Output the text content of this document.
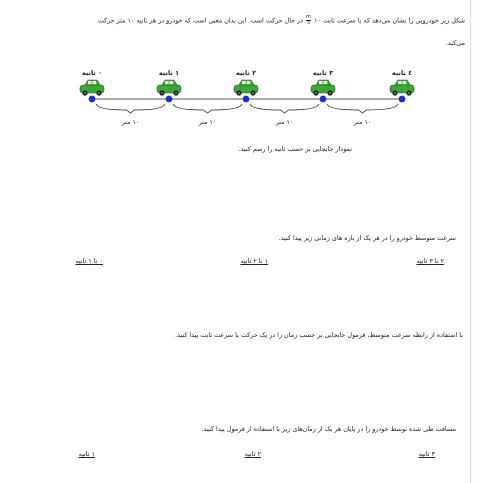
شکل زیر خودرویی را نشان می‌دهد که با سرعت ثابت ۱۰
$\frac{m}{s}$
در حال حرکت است. این بدان معنی است که خودرو در هر ثانیه ۱۰ متر حرکت
می‌کند.
۰ ثانیه	۱ ثانیه	۲ ثانیه	۳ ثانیه	٤ ثانیه
۱۰ متر	۱۰ متر	۱۰ متر	۱۰ متر
نمودار جابجایی بر حسب ثانیه را رسم کنید.
سرعت متوسط خودرو را در هر یک از بازه های زمانی زیر پیدا کنید.
۲ تا ۳ ثانیه
۱ تا ۲ ثانیه
۰ تا ۱ ثانیه
با استفاده از رابطه سرعت متوسط، فرمول جابجایی بر حسب زمان را در یک حرکت با سرعت ثابت پیدا کنید.
مسافت طی شده توسط خودرو را در پایان هر یک از زمان‌های زیر با استفاده از فرمول پیدا کنید.
۳ ثانیه
۲ ثانیه
۱ ثانیه
